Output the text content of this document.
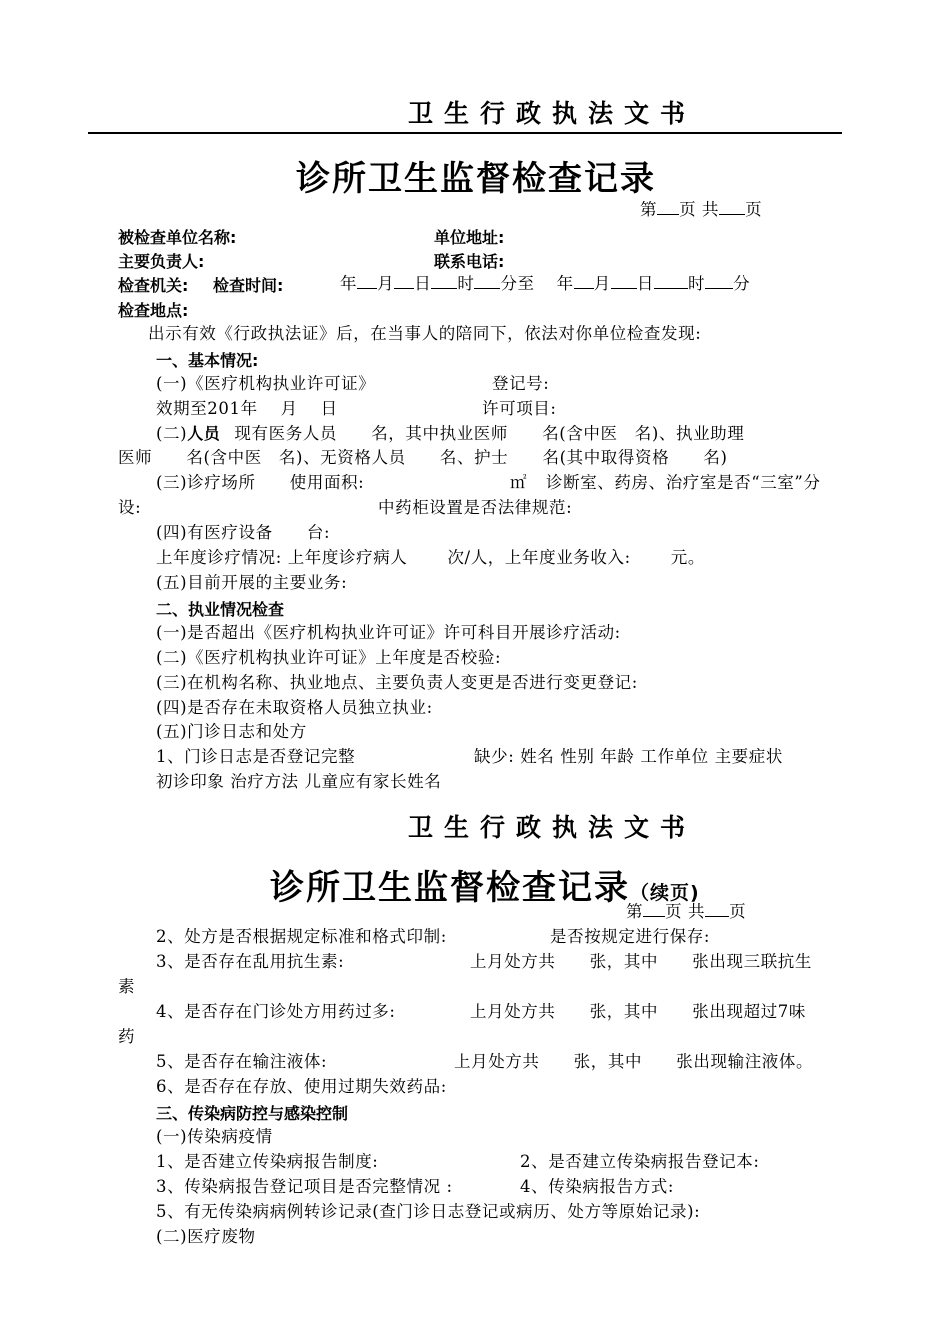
卫生行政执法文书
诊所卫生监督检查记录
第 页 共 页
被检查单位名称:	单位地址:
主要负责人:	联系电话:
检查机关: 检查时间:	年 月 日 时 分至 年 月 日 时 分
检查地点:
出示有效《行政执法证》后，在当事人的陪同下，依法对你单位检查发现:
一、基本情况:
(一)《医疗机构执业许可证》	登记号:
效期至201年　 月　 日	许可项目:
(二)人员 现有医务人员　　名，其中执业医师　　名(含中医　名)、执业助理
医师　　名(含中医　名)、无资格人员　　名、护士　　名(其中取得资格　　名)
(三)诊疗场所　　使用面积:	㎡ 诊断室、药房、治疗室是否“三室”分
设:	中药柜设置是否法律规范:
(四)有医疗设备　　台:
上年度诊疗情况: 上年度诊疗病人　　 次/人，上年度业务收入:　　 元。
(五)目前开展的主要业务:
二、执业情况检查
(一)是否超出《医疗机构执业许可证》许可科目开展诊疗活动:
(二)《医疗机构执业许可证》上年度是否校验:
(三)在机构名称、执业地点、主要负责人变更是否进行变更登记:
(四)是否存在未取资格人员独立执业:
(五)门诊日志和处方
1、门诊日志是否登记完整	缺少: 姓名 性别 年龄 工作单位 主要症状
初诊印象 治疗方法 儿童应有家长姓名
卫生行政执法文书
诊所卫生监督检查记录（续页)
第 页 共 页
2、处方是否根据规定标准和格式印制:	是否按规定进行保存:
3、是否存在乱用抗生素:	上月处方共　　张，其中　　张出现三联抗生
素
4、是否存在门诊处方用药过多:	上月处方共　　张，其中　　张出现超过7味
药
5、是否存在输注液体:	上月处方共　　张，其中　　张出现输注液体。
6、是否存在存放、使用过期失效药品:
三、传染病防控与感染控制
(一)传染病疫情
1、是否建立传染病报告制度:	2、是否建立传染病报告登记本:
3、传染病报告登记项目是否完整情况 :	4、传染病报告方式:
5、有无传染病病例转诊记录(查门诊日志登记或病历、处方等原始记录):
(二)医疗废物
